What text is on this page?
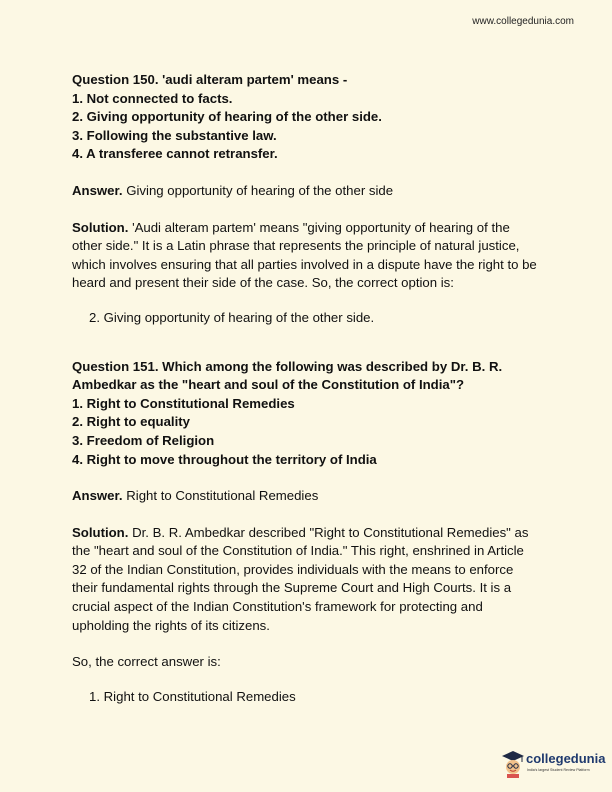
www.collegedunia.com

Question 150. 'audi alteram partem' means -

1. Not connected to facts.

2. Giving opportunity of hearing of the other side.

3. Following the substantive law.

4. A transferee cannot retransfer.

Answer. Giving opportunity of hearing of the other side

Solution. 'Audi alteram partem' means "giving opportunity of hearing of the other side." It is a Latin phrase that represents the principle of natural justice, which involves ensuring that all parties involved in a dispute have the right to be heard and present their side of the case. So, the correct option is:

2. Giving opportunity of hearing of the other side.

Question 151. Which among the following was described by Dr. B. R. Ambedkar as the "heart and soul of the Constitution of India"?

1. Right to Constitutional Remedies

2. Right to equality

3. Freedom of Religion

4. Right to move throughout the territory of India

Answer. Right to Constitutional Remedies

Solution. Dr. B. R. Ambedkar described "Right to Constitutional Remedies" as the "heart and soul of the Constitution of India." This right, enshrined in Article 32 of the Indian Constitution, provides individuals with the means to enforce their fundamental rights through the Supreme Court and High Courts. It is a crucial aspect of the Indian Constitution's framework for protecting and upholding the rights of its citizens.

So, the correct answer is:

1. Right to Constitutional Remedies

collegedunia
India's largest Student Review Platform
